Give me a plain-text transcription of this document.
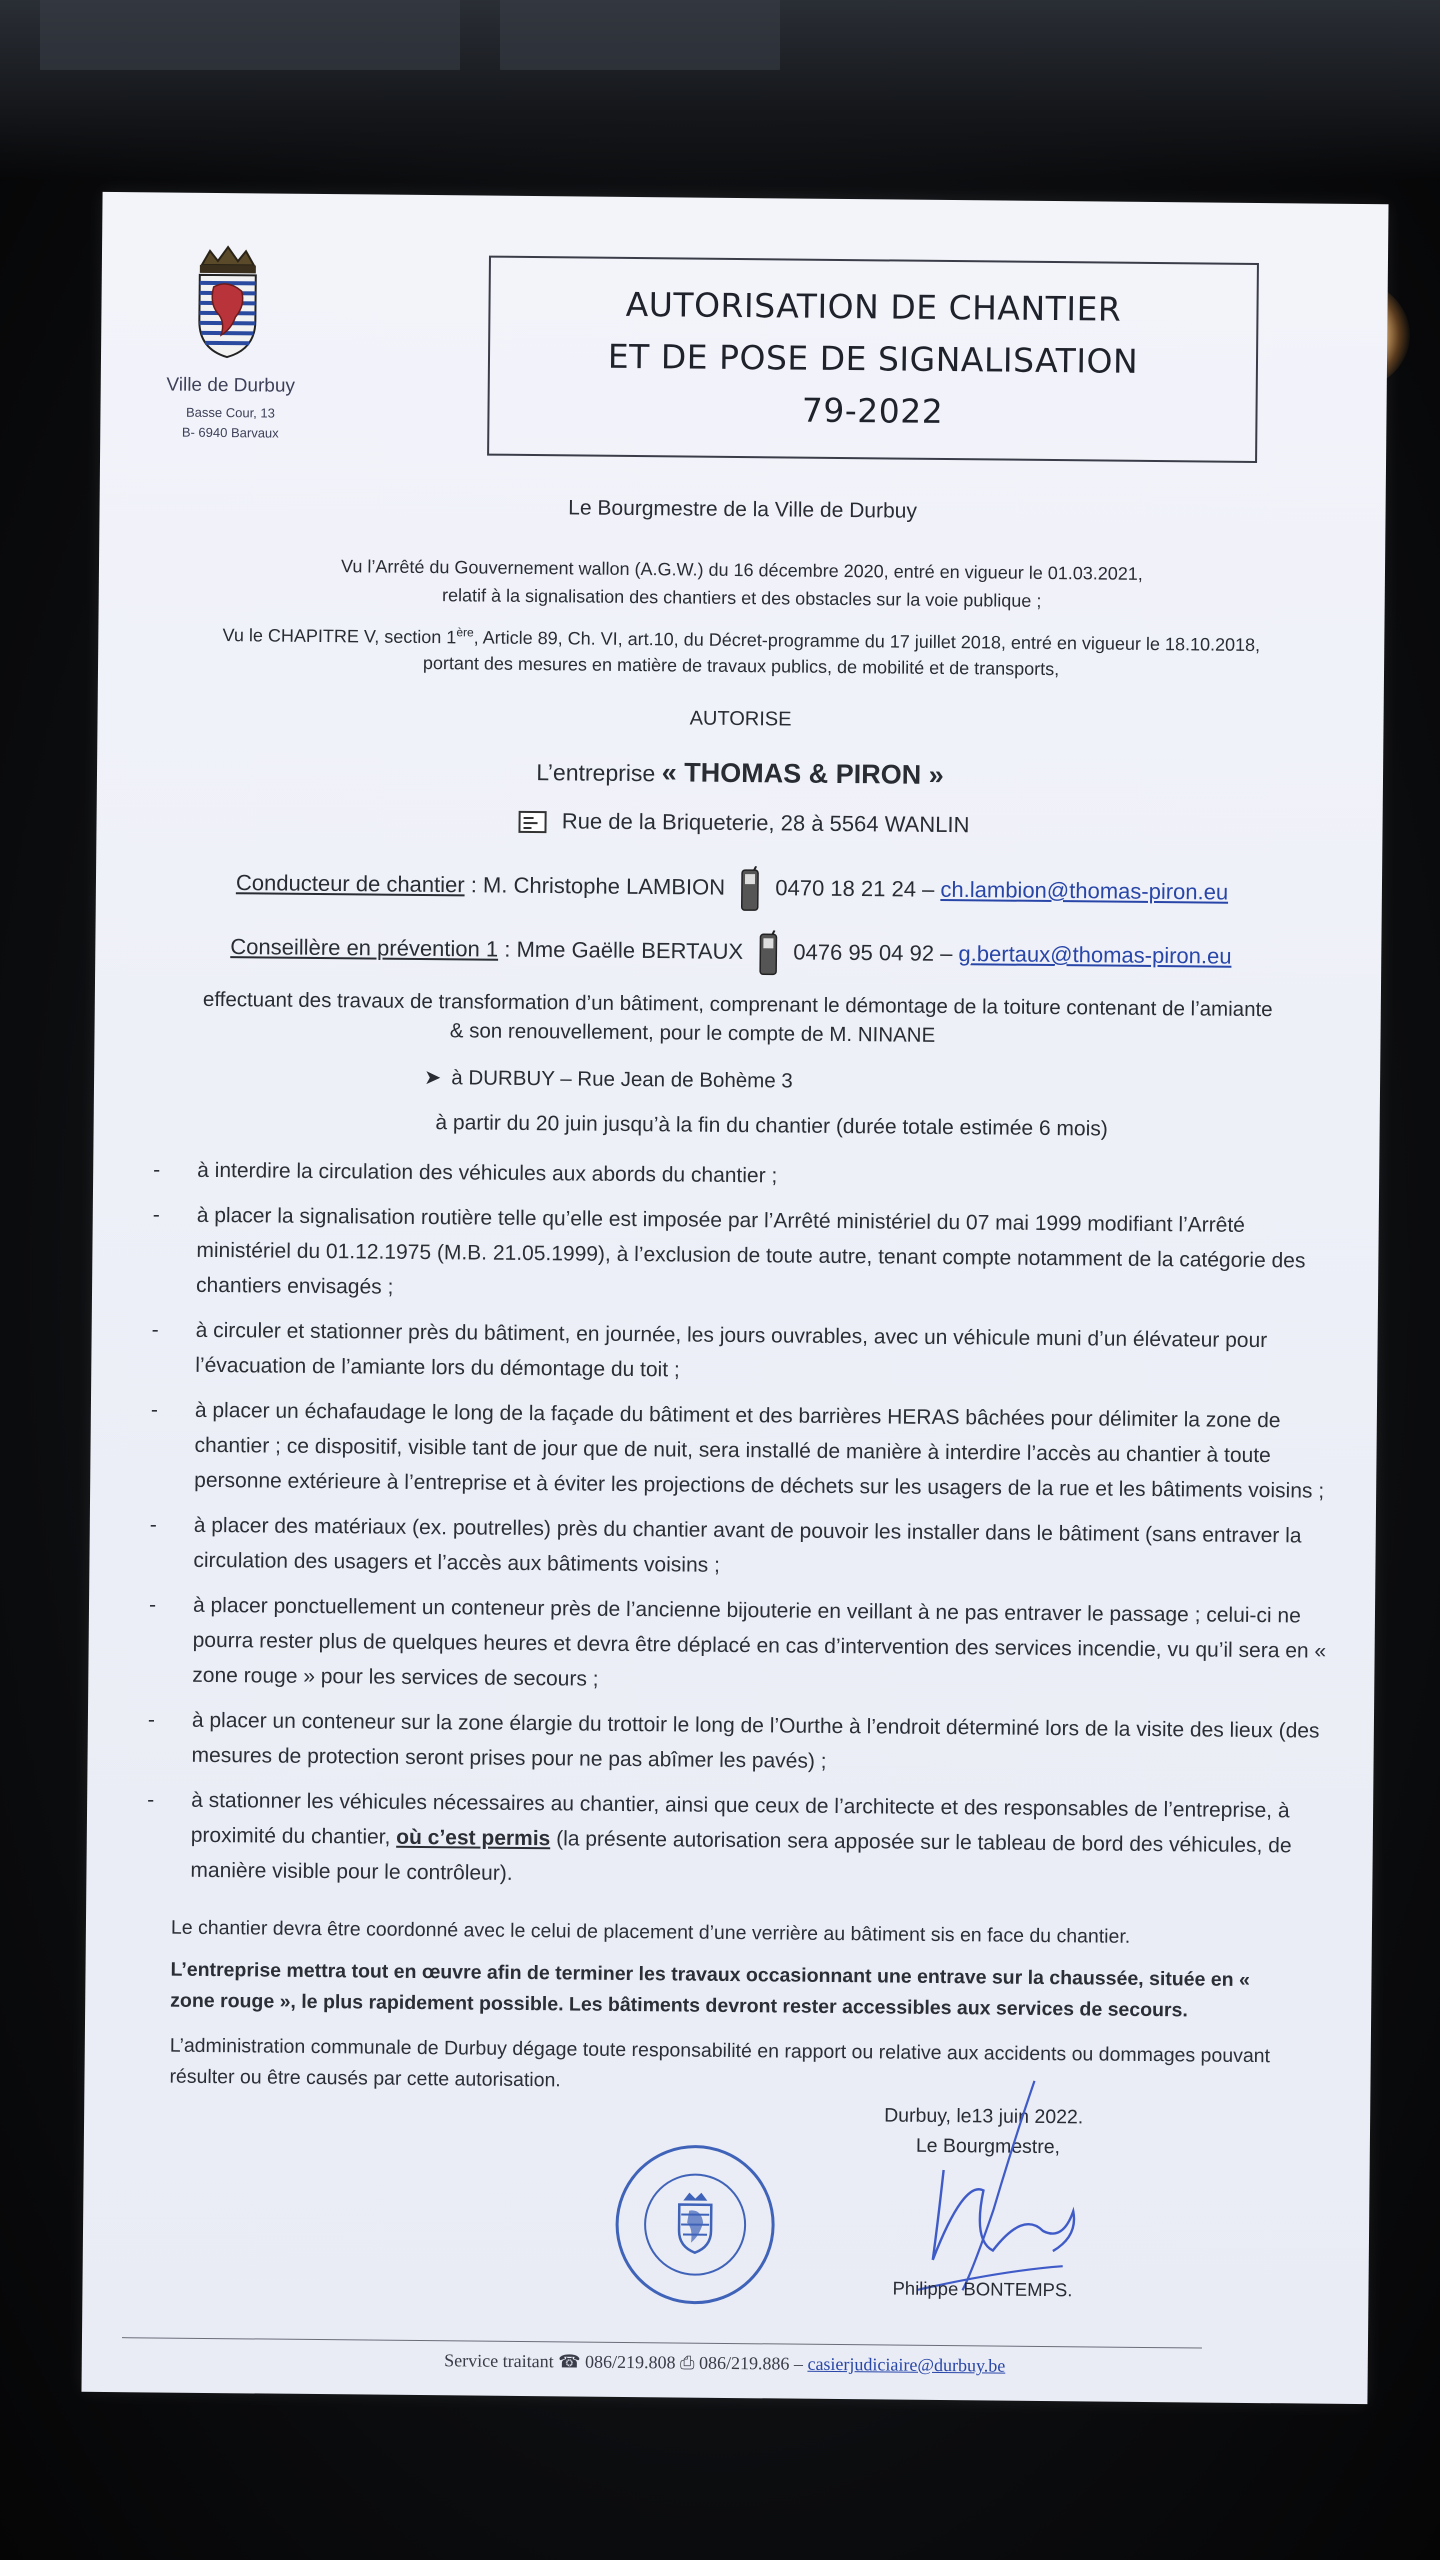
Ville de Durbuy
Basse Cour, 13
B- 6940 Barvaux
AUTORISATION DE CHANTIER
ET DE POSE DE SIGNALISATION
79-2022
Le Bourgmestre de la Ville de Durbuy
Vu l’Arrêté du Gouvernement wallon (A.G.W.) du 16 décembre 2020, entré en vigueur le 01.03.2021,
relatif à la signalisation des chantiers et des obstacles sur la voie publique ;
Vu le CHAPITRE V, section 1ère, Article 89, Ch. VI, art.10, du Décret-programme du 17 juillet 2018, entré en vigueur le 18.10.2018,
portant des mesures en matière de travaux publics, de mobilité et de transports,
AUTORISE
L’entreprise « THOMAS & PIRON »
Rue de la Briqueterie, 28 à 5564 WANLIN
Conducteur de chantier : M. Christophe LAMBION 0470 18 21 24 – ch.lambion@thomas-piron.eu
Conseillère en prévention 1 : Mme Gaëlle BERTAUX 0476 95 04 92 – g.bertaux@thomas-piron.eu
effectuant des travaux de transformation d’un bâtiment, comprenant le démontage de la toiture contenant de l’amiante
& son renouvellement, pour le compte de M. NINANE
➤ à DURBUY – Rue Jean de Bohème 3
à partir du 20 juin jusqu’à la fin du chantier (durée totale estimée 6 mois)
- à interdire la circulation des véhicules aux abords du chantier ;
- à placer la signalisation routière telle qu’elle est imposée par l’Arrêté ministériel du 07 mai 1999 modifiant l’Arrêté ministériel du 01.12.1975 (M.B. 21.05.1999), à l’exclusion de toute autre, tenant compte notamment de la catégorie des chantiers envisagés ;
- à circuler et stationner près du bâtiment, en journée, les jours ouvrables, avec un véhicule muni d’un élévateur pour l’évacuation de l’amiante lors du démontage du toit ;
- à placer un échafaudage le long de la façade du bâtiment et des barrières HERAS bâchées pour délimiter la zone de chantier ; ce dispositif, visible tant de jour que de nuit, sera installé de manière à interdire l’accès au chantier à toute personne extérieure à l’entreprise et à éviter les projections de déchets sur les usagers de la rue et les bâtiments voisins ;
- à placer des matériaux (ex. poutrelles) près du chantier avant de pouvoir les installer dans le bâtiment (sans entraver la circulation des usagers et l’accès aux bâtiments voisins ;
- à placer ponctuellement un conteneur près de l’ancienne bijouterie en veillant à ne pas entraver le passage ; celui-ci ne pourra rester plus de quelques heures et devra être déplacé en cas d’intervention des services incendie, vu qu’il sera en « zone rouge » pour les services de secours ;
- à placer un conteneur sur la zone élargie du trottoir le long de l’Ourthe à l’endroit déterminé lors de la visite des lieux (des mesures de protection seront prises pour ne pas abîmer les pavés) ;
- à stationner les véhicules nécessaires au chantier, ainsi que ceux de l’architecte et des responsables de l’entreprise, à proximité du chantier, où c’est permis (la présente autorisation sera apposée sur le tableau de bord des véhicules, de manière visible pour le contrôleur).
Le chantier devra être coordonné avec le celui de placement d’une verrière au bâtiment sis en face du chantier.
L’entreprise mettra tout en œuvre afin de terminer les travaux occasionnant une entrave sur la chaussée, située en « zone rouge », le plus rapidement possible. Les bâtiments devront rester accessibles aux services de secours.
L’administration communale de Durbuy dégage toute responsabilité en rapport ou relative aux accidents ou dommages pouvant résulter ou être causés par cette autorisation.
Durbuy, le13 juin 2022.
Le Bourgmestre,
Philippe BONTEMPS.
Service traitant ☎ 086/219.808 ⎙ 086/219.886 – casierjudiciaire@durbuy.be
